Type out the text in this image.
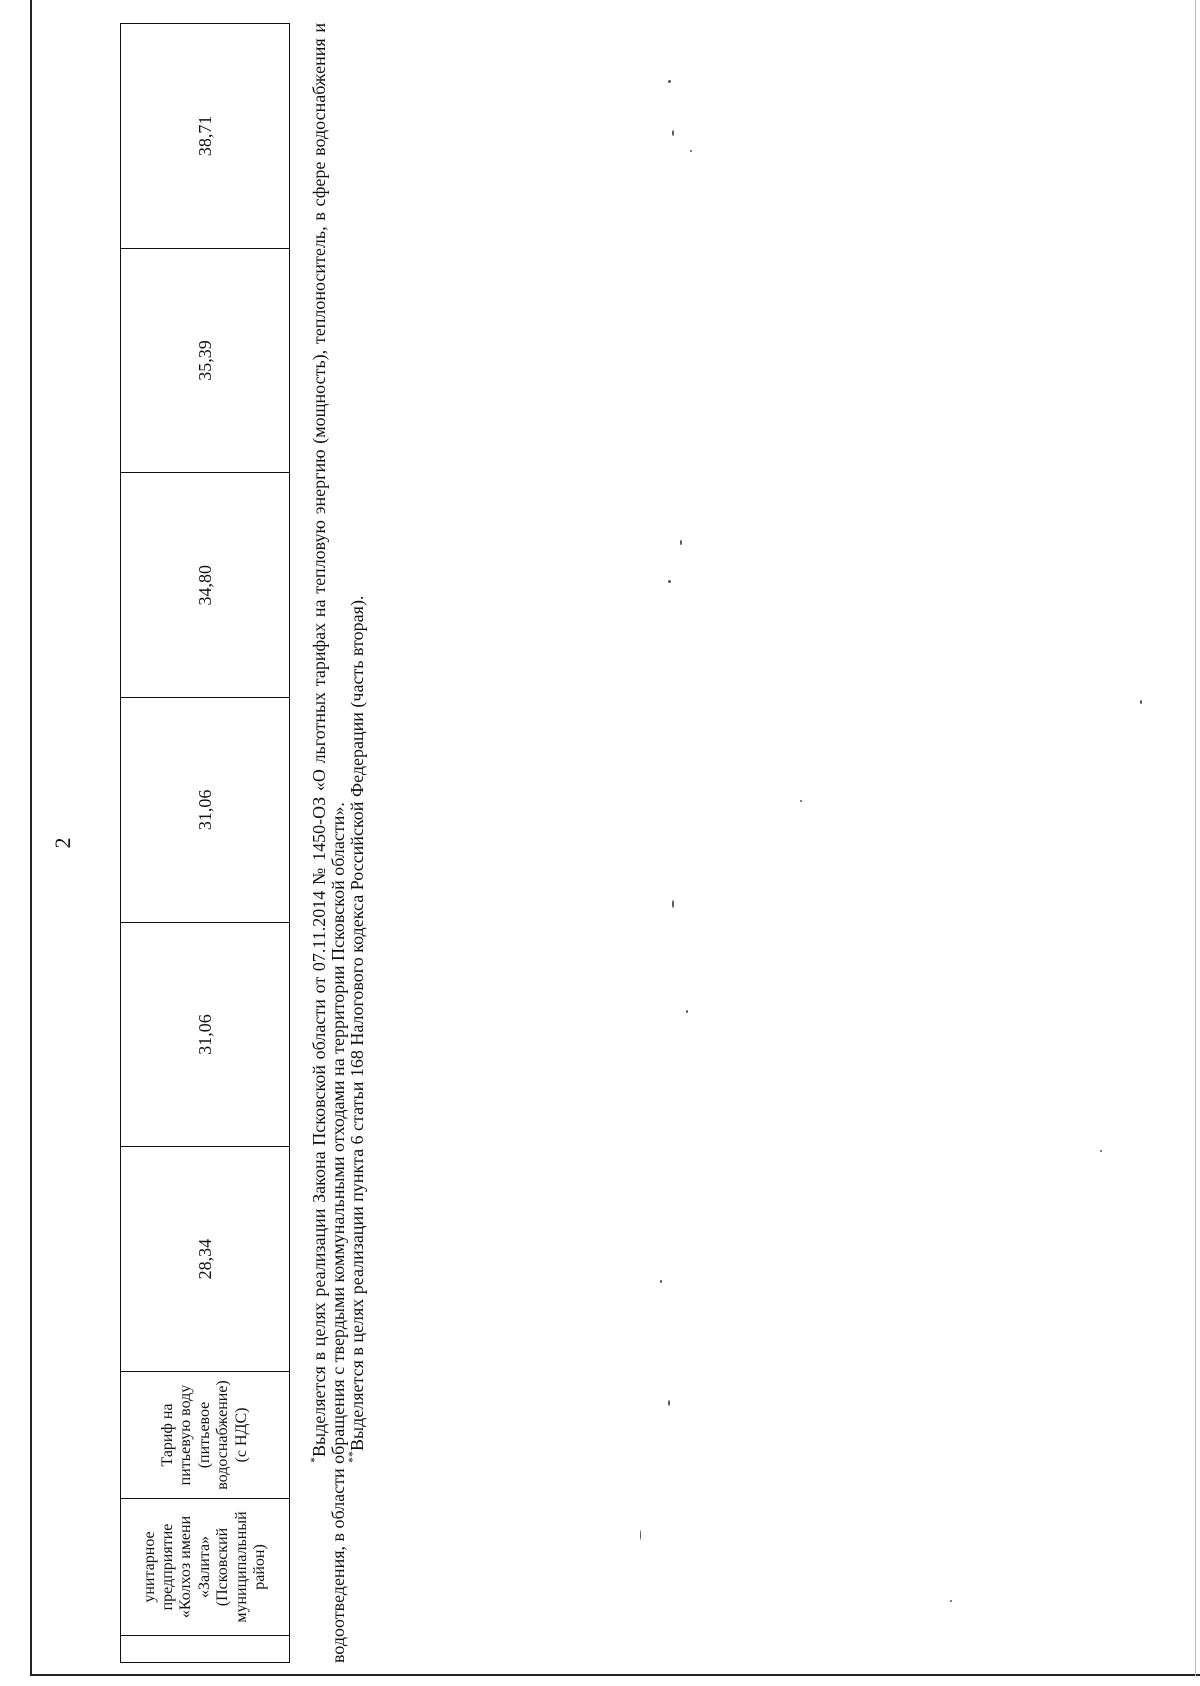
2
	унитарное предприятие «Колхоз имени «Залита» (Псковский муниципальный район)	Тариф на питьевую воду (питьевое водоснабжение) (с НДС)	28,34	31,06	31,06	34,80	35,39	38,71

*Выделяется в целях реализации Закона Псковской области от 07.11.2014 № 1450-ОЗ «О льготных тарифах на тепловую энергию (мощность), теплоноситель, в сфере водоснабжения и водоотведения, в области обращения с твердыми коммунальными отходами на территории Псковской области».

**Выделяется в целях реализации пункта 6 статьи 168 Налогового кодекса Российской Федерации (часть вторая).
